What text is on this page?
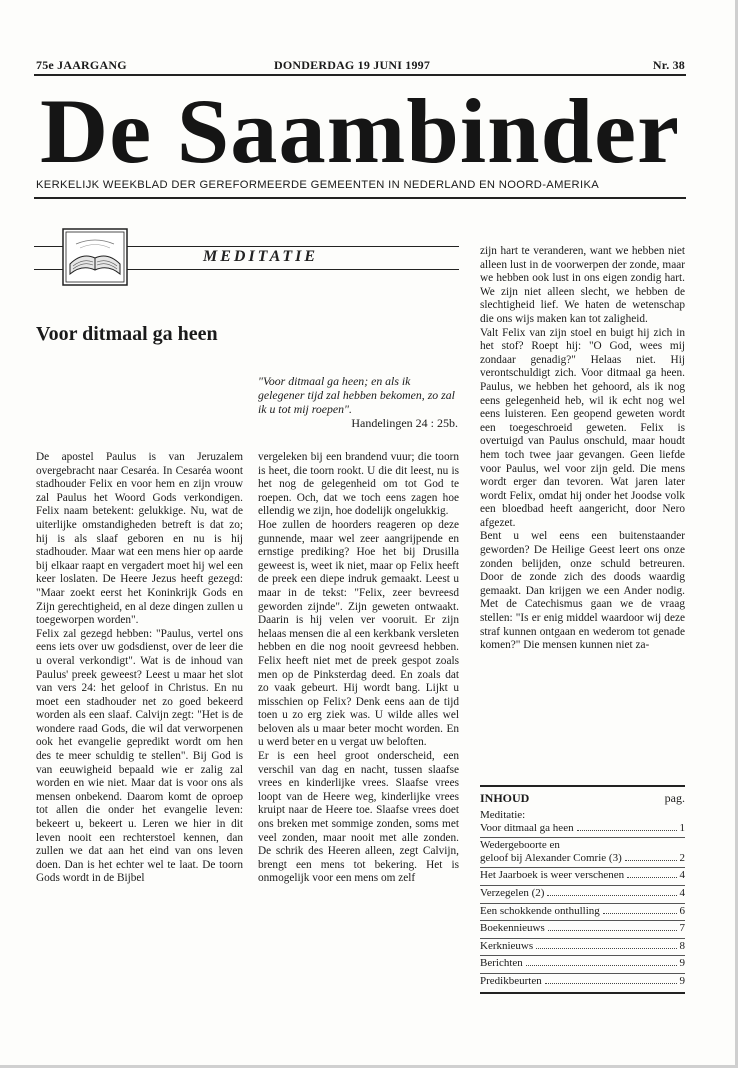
75e JAARGANG	DONDERDAG 19 JUNI 1997	Nr. 38
De Saambinder
KERKELIJK WEEKBLAD DER GEREFORMEERDE GEMEENTEN IN NEDERLAND EN NOORD-AMERIKA
MEDITATIE
Voor ditmaal ga heen
"Voor ditmaal ga heen; en als ik gelegener tijd zal hebben bekomen, zo zal ik u tot mij roepen".
Handelingen 24 : 25b.

De apostel Paulus is van Jeruzalem overgebracht naar Cesaréa. In Cesaréa woont stadhouder Felix en voor hem en zijn vrouw zal Paulus het Woord Gods verkondigen. Felix naam betekent: gelukkige. Nu, wat de uiterlijke omstandigheden betreft is dat zo; hij is als slaaf geboren en nu is hij stadhouder. Maar wat een mens hier op aarde bij elkaar raapt en vergadert moet hij wel een keer loslaten. De Heere Jezus heeft gezegd: "Maar zoekt eerst het Koninkrijk Gods en Zijn gerechtigheid, en al deze dingen zullen u toegeworpen worden".

Felix zal gezegd hebben: "Paulus, vertel ons eens iets over uw godsdienst, over de leer die u overal verkondigt". Wat is de inhoud van Paulus' preek geweest? Leest u maar het slot van vers 24: het geloof in Christus. En nu moet een stadhouder net zo goed bekeerd worden als een slaaf. Calvijn zegt: "Het is de wondere raad Gods, die wil dat verworpenen ook het evangelie gepredikt wordt om hen des te meer schuldig te stellen". Bij God is van eeuwigheid bepaald wie er zalig zal worden en wie niet. Maar dat is voor ons als mensen onbekend. Daarom komt de oproep tot allen die onder het evangelie leven: bekeert u, bekeert u. Leren we hier in dit leven nooit een rechterstoel kennen, dan zullen we dat aan het eind van ons leven doen. Dan is het echter wel te laat. De toorn Gods wordt in de Bijbel

vergeleken bij een brandend vuur; die toorn is heet, die toorn rookt. U die dit leest, nu is het nog de gelegenheid om tot God te roepen. Och, dat we toch eens zagen hoe ellendig we zijn, hoe dodelijk ongelukkig.

Hoe zullen de hoorders reageren op deze gunnende, maar wel zeer aangrijpende en ernstige prediking? Hoe het bij Drusilla geweest is, weet ik niet, maar op Felix heeft de preek een diepe indruk gemaakt. Leest u maar in de tekst: "Felix, zeer bevreesd geworden zijnde". Zijn geweten ontwaakt. Daarin is hij velen ver vooruit. Er zijn helaas mensen die al een kerkbank versleten hebben en die nog nooit gevreesd hebben. Felix heeft niet met de preek gespot zoals men op de Pinksterdag deed. En zoals dat zo vaak gebeurt. Hij wordt bang. Lijkt u misschien op Felix? Denk eens aan de tijd toen u zo erg ziek was. U wilde alles wel beloven als u maar beter mocht worden. En u werd beter en u vergat uw beloften.

Er is een heel groot onderscheid, een verschil van dag en nacht, tussen slaafse vrees en kinderlijke vrees. Slaafse vrees loopt van de Heere weg, kinderlijke vrees kruipt naar de Heere toe. Slaafse vrees doet ons breken met sommige zonden, soms met veel zonden, maar nooit met alle zonden. De schrik des Heeren alleen, zegt Calvijn, brengt een mens tot bekering. Het is onmogelijk voor een mens om zelf

zijn hart te veranderen, want we hebben niet alleen lust in de voorwerpen der zonde, maar we hebben ook lust in ons eigen zondig hart. We zijn niet alleen slecht, we hebben de slechtigheid lief. We haten de wetenschap die ons wijs maken kan tot zaligheid.

Valt Felix van zijn stoel en buigt hij zich in het stof? Roept hij: "O God, wees mij zondaar genadig?" Helaas niet. Hij verontschuldigt zich. Voor ditmaal ga heen. Paulus, we hebben het gehoord, als ik nog eens gelegenheid heb, wil ik echt nog wel eens luisteren. Een geopend geweten wordt een toegeschroeid geweten. Felix is overtuigd van Paulus onschuld, maar houdt hem toch twee jaar gevangen. Geen liefde voor Paulus, wel voor zijn geld. Die mens wordt erger dan tevoren. Wat jaren later wordt Felix, omdat hij onder het Joodse volk een bloedbad heeft aangericht, door Nero afgezet.

Bent u wel eens een buitenstaander geworden? De Heilige Geest leert ons onze zonden belijden, onze schuld betreuren. Door de zonde zich des doods waardig gemaakt. Dan krijgen we een Ander nodig. Met de Catechismus gaan we de vraag stellen: "Is er enig middel waardoor wij deze straf kunnen ontgaan en wederom tot genade komen?" Die mensen kunnen niet za-

INHOUD	pag.
Meditatie:
Voor ditmaal ga heen	1
Wedergeboorte en
geloof bij Alexander Comrie (3)	2
Het Jaarboek is weer verschenen	4
Verzegelen (2)	4
Een schokkende onthulling	6
Boekennieuws	7
Kerknieuws	8
Berichten	9
Predikbeurten	9
